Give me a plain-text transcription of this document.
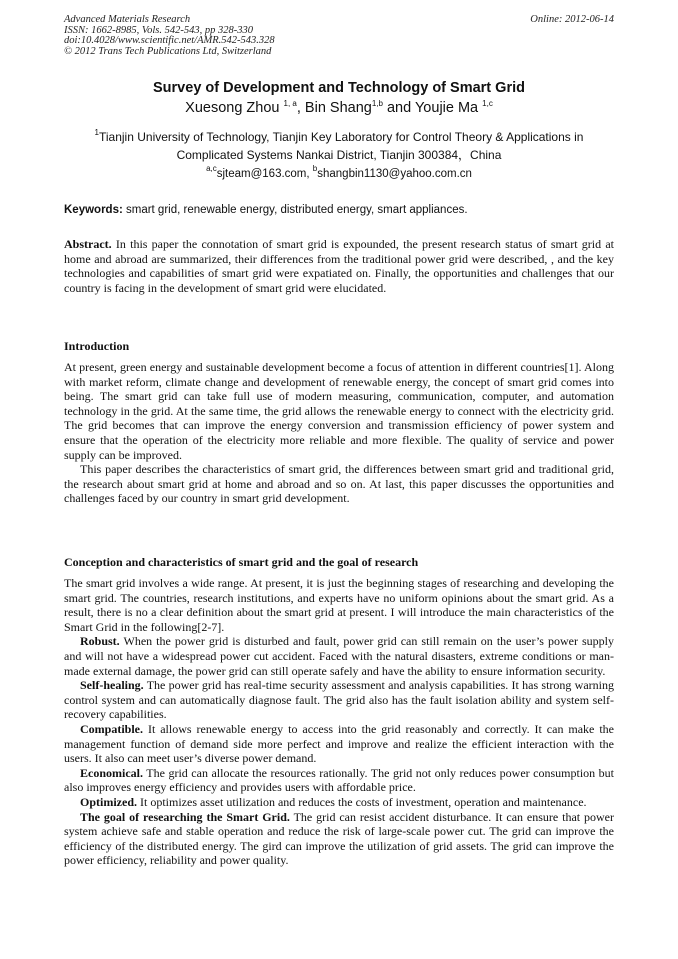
Advanced Materials Research
ISSN: 1662-8985, Vols. 542-543, pp 328-330
doi:10.4028/www.scientific.net/AMR.542-543.328
© 2012 Trans Tech Publications Ltd, Switzerland
Online: 2012-06-14
Survey of Development and Technology of Smart Grid
Xuesong Zhou $^{1, a}$, Bin Shang$^{1,b}$ and Youjie Ma $^{1,c}$
$^1$Tianjin University of Technology, Tianjin Key Laboratory for Control Theory & Applications in
Complicated Systems Nankai District, Tianjin 300384，China
$^{a,c}$sjteam@163.com, $^b$shangbin1130@yahoo.com.cn
Keywords: smart grid, renewable energy, distributed energy, smart appliances.

Abstract. In this paper the connotation of smart grid is expounded, the present research status of smart grid at home and abroad are summarized, their differences from the traditional power grid were described, , and the key technologies and capabilities of smart grid were expatiated on. Finally, the opportunities and challenges that our country is facing in the development of smart grid were elucidated.

Introduction

At present, green energy and sustainable development become a focus of attention in different countries[1]. Along with market reform, climate change and development of renewable energy, the concept of smart grid comes into being. The smart grid can take full use of modern measuring, communication, computer, and automation technology in the grid. At the same time, the grid allows the renewable energy to connect with the electricity grid. The grid becomes that can improve the energy conversion and transmission efficiency of power system and ensure that the operation of the electricity more reliable and more flexible. The quality of service and power supply can be improved.

This paper describes the characteristics of smart grid, the differences between smart grid and traditional grid, the research about smart grid at home and abroad and so on. At last, this paper discusses the opportunities and challenges faced by our country in smart grid development.

Conception and characteristics of smart grid and the goal of research

The smart grid involves a wide range. At present, it is just the beginning stages of researching and developing the smart grid. The countries, research institutions, and experts have no uniform opinions about the smart grid. As a result, there is no a clear definition about the smart grid at present. I will introduce the main characteristics of the Smart Grid in the following[2-7].

Robust. When the power grid is disturbed and fault, power grid can still remain on the user’s power supply and will not have a widespread power cut accident. Faced with the natural disasters, extreme conditions or man-made external damage, the power grid can still operate safely and have the ability to ensure information security.

Self-healing. The power grid has real-time security assessment and analysis capabilities. It has strong warning control system and can automatically diagnose fault. The grid also has the fault isolation ability and system self-recovery capabilities.

Compatible. It allows renewable energy to access into the grid reasonably and correctly. It can make the management function of demand side more perfect and improve and realize the efficient interaction with the users. It also can meet user’s diverse power demand.

Economical. The grid can allocate the resources rationally. The grid not only reduces power consumption but also improves energy efficiency and provides users with affordable price.

Optimized. It optimizes asset utilization and reduces the costs of investment, operation and maintenance.

The goal of researching the Smart Grid. The grid can resist accident disturbance. It can ensure that power system achieve safe and stable operation and reduce the risk of large-scale power cut. The grid can improve the efficiency of the distributed energy. The gird can improve the utilization of grid assets. The grid can improve the power efficiency, reliability and power quality.
